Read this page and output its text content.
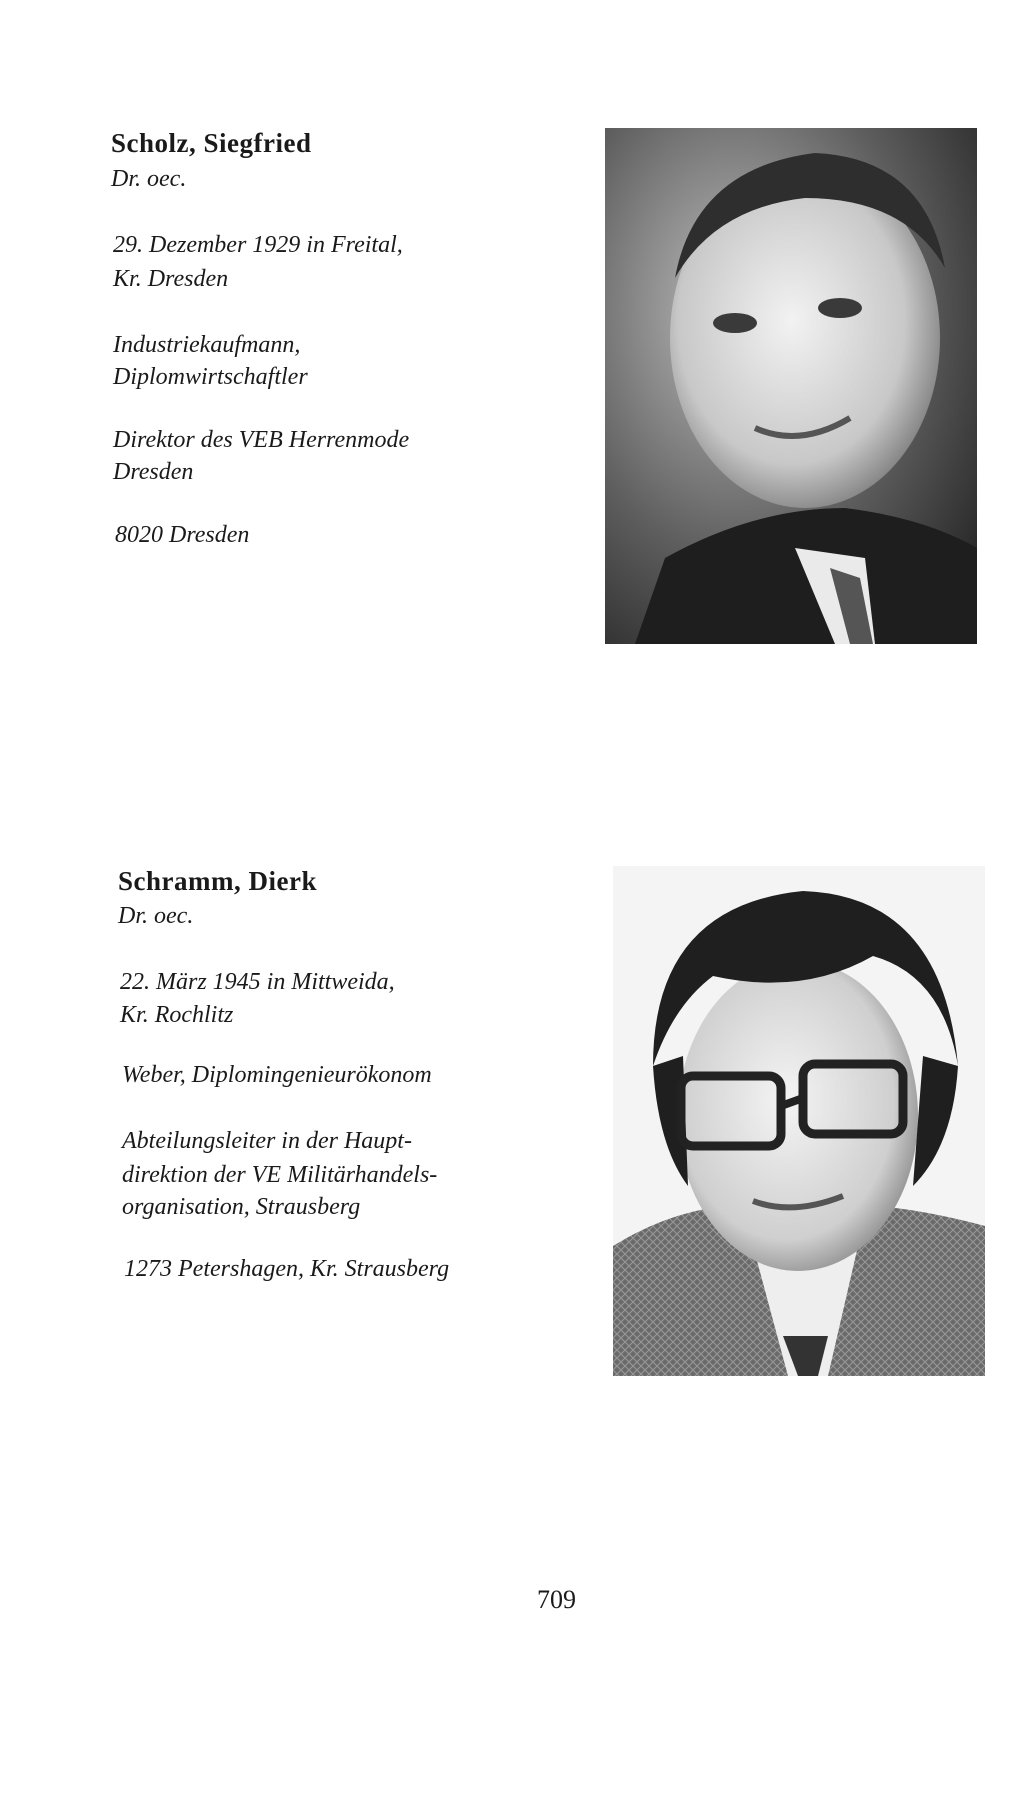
Scholz, Siegfried

Dr. oec.

29. Dezember 1929 in Freital,

Kr. Dresden

Industriekaufmann,

Diplomwirtschaftler

Direktor des VEB Herrenmode

Dresden

8020 Dresden

Schramm, Dierk

Dr. oec.

22. März 1945 in Mittweida,

Kr. Rochlitz

Weber, Diplomingenieurökonom

Abteilungsleiter in der Haupt-

direktion der VE Militärhandels-

organisation, Strausberg

1273 Petershagen, Kr. Strausberg

709
